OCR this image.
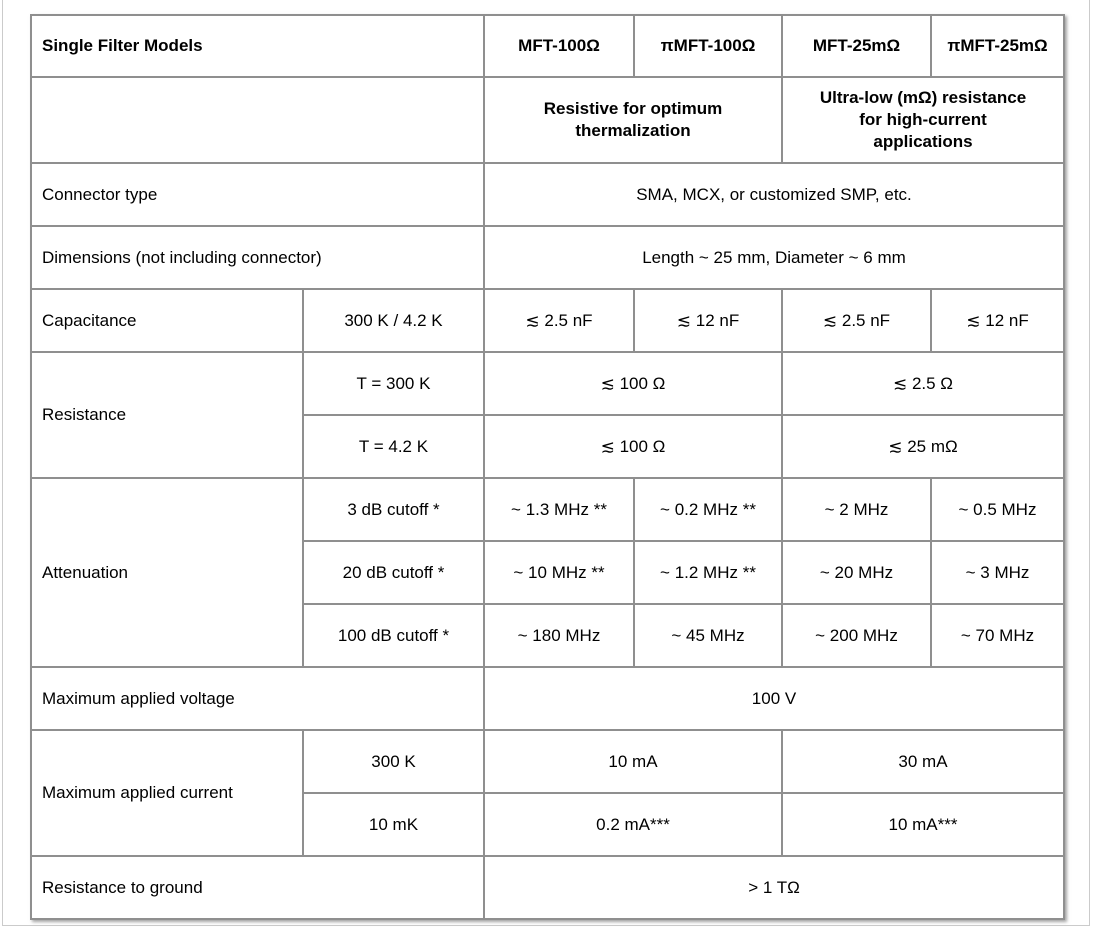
Single Filter Models		MFT-100Ω	πMFT-100Ω	MFT-25mΩ	πMFT-25mΩ
		Resistive for optimum thermalization		Ultra-low (mΩ) resistance for high-current applications	
Connector type		SMA, MCX, or customized SMP, etc.			
Dimensions (not including connector)		Length ~ 25 mm, Diameter ~ 6 mm			
Capacitance	300 K / 4.2 K	≲ 2.5 nF	≲ 12 nF	≲ 2.5 nF	≲ 12 nF
Resistance	T = 300 K	≲ 100 Ω		≲ 2.5 Ω	
	T = 4.2 K	≲ 100 Ω		≲ 25 mΩ	
Attenuation	3 dB cutoff *	~ 1.3 MHz **	~ 0.2 MHz **	~ 2 MHz	~ 0.5 MHz
	20 dB cutoff *	~ 10 MHz **	~ 1.2 MHz **	~ 20 MHz	~ 3 MHz
	100 dB cutoff *	~ 180 MHz	~ 45 MHz	~ 200 MHz	~ 70 MHz
Maximum applied voltage		100 V			
Maximum applied current	300 K	10 mA		30 mA	
	10 mK	0.2 mA***		10 mA***	
Resistance to ground		> 1 TΩ			
